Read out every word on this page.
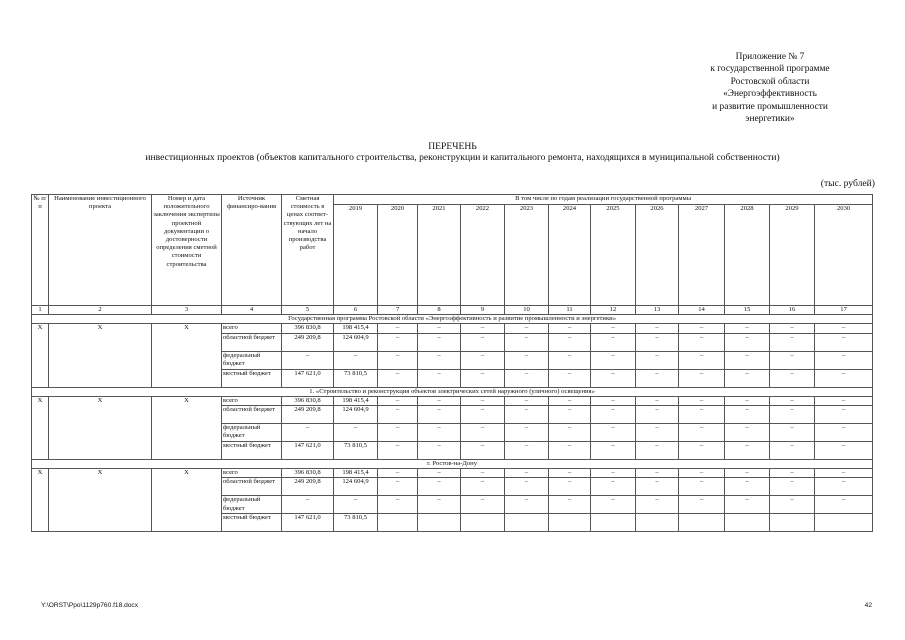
Приложение № 7
к государственной программе
Ростовской области
«Энергоэффективность
и развитие промышленности
энергетики»
ПЕРЕЧЕНЬ
инвестиционных проектов (объектов капитального строительства, реконструкции и капитального ремонта, находящихся в муниципальной собственности)
(тыс. рублей)
№ п/п	Наименование инвестиционного проекта	Номер и дата положительного заключения экспертизы проектной документации о достоверности определения сметной стоимости строительства	Источник финансиро-вания	Сметная стоимость в ценах соответ-ствующих лет на начало производства работ	В том числе по годам реализации государственной программы											
					2019	2020	2021	2022	2023	2024	2025	2026	2027	2028	2029	2030
1	2	3	4	5	6	7	8	9	10	11	12	13	14	15	16	17
Государственная программа Ростовской области «Энергоэффективность и развитие промышленности и энергетики»																
Х	Х	Х	всего	396 830,8	198 415,4	–	–	–	–	–	–	–	–	–	–	–
			областной бюджет	249 209,8	124 604,9	–	–	–	–	–	–	–	–	–	–	–
			федеральный бюджет	–	–	–	–	–	–	–	–	–	–	–	–	–
			местный бюджет	147 621,0	73 810,5	–	–	–	–	–	–	–	–	–	–	–
1. «Строительство и реконструкция объектов электрических сетей наружного (уличного) освещения»																
Х	Х	Х	всего	396 830,8	198 415,4	–	–	–	–	–	–	–	–	–	–	–
			областной бюджет	249 209,8	124 604,9	–	–	–	–	–	–	–	–	–	–	–
			федеральный бюджет	–	–	–	–	–	–	–	–	–	–	–	–	–
			местный бюджет	147 621,0	73 810,5	–	–	–	–	–	–	–	–	–	–	–
г. Ростов-на-Дону																
Х	Х	Х	всего	396 830,8	198 415,4	–	–	–	–	–	–	–	–	–	–	–
			областной бюджет	249 209,8	124 604,9	–	–	–	–	–	–	–	–	–	–	–
			федеральный бюджет	–	–	–	–	–	–	–	–	–	–	–	–	–
			местный бюджет	147 621,0	73 810,5											
Y:\ORST\Ppo\1129p760.f18.docx	42
